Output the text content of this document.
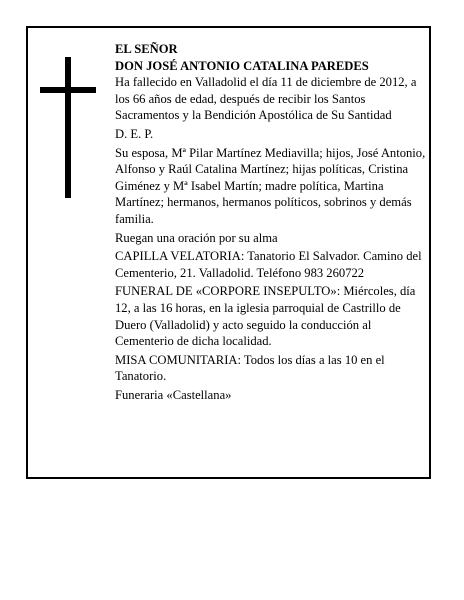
EL SEÑOR

DON JOSÉ ANTONIO CATALINA PAREDES

Ha fallecido en Valladolid el día 11 de diciembre de 2012, a los 66 años de edad, después de recibir los Santos Sacramentos y la Bendición Apostólica de Su Santidad

D. E. P.

Su esposa, Mª Pilar Martínez Mediavilla; hijos, José Antonio, Alfonso y Raúl Catalina Martínez; hijas políticas, Cristina Giménez y Mª Isabel Martín; madre política, Martina Martínez; hermanos, hermanos políticos, sobrinos y demás familia.

Ruegan una oración por su alma

CAPILLA VELATORIA: Tanatorio El Salvador. Camino del Cementerio, 21. Valladolid. Teléfono 983 260722

FUNERAL DE «CORPORE INSEPULTO»: Miércoles, día 12, a las 16 horas, en la iglesia parroquial de Castrillo de Duero (Valladolid) y acto seguido la conducción al Cementerio de dicha localidad.

MISA COMUNITARIA: Todos los días a las 10 en el Tanatorio.

Funeraria «Castellana»
